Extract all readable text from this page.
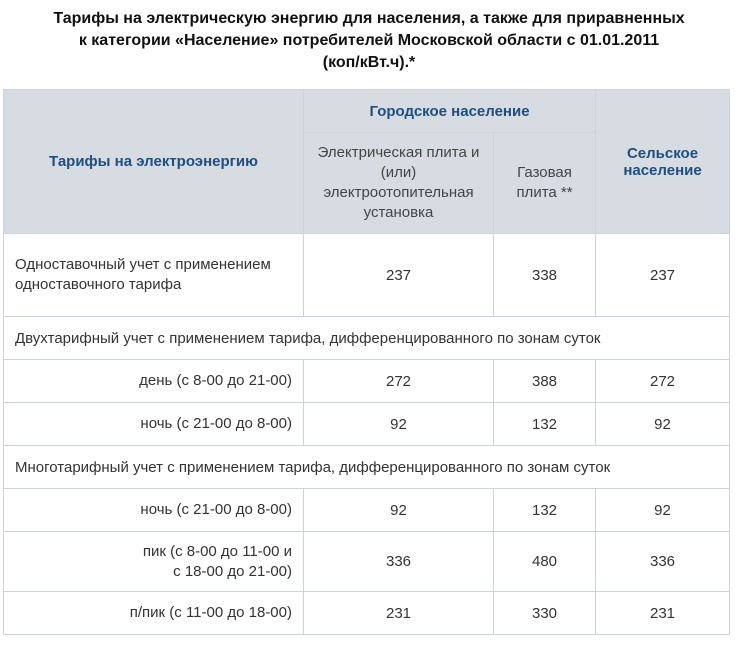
Тарифы на электрическую энергию для населения, а также для приравненных
к категории «Население» потребителей Московской области с 01.01.2011
(коп/кВт.ч).*
Тарифы на электроэнергию	Городское население		Сельское население
	Электрическая плита и (или) электроотопительная установка	Газовая плита **	
Одноставочный учет с применением одноставочного тарифа	237	338	237
Двухтарифный учет с применением тарифа, дифференцированного по зонам суток			
день (с 8-00 до 21-00)	272	388	272
ночь (с 21-00 до 8-00)	92	132	92
Многотарифный учет с применением тарифа, дифференцированного по зонам суток			
ночь (с 21-00 до 8-00)	92	132	92

пик (с 8-00 до 11-00 и
с 18-00 до 21-00)	336	480	336
п/пик (с 11-00 до 18-00)	231	330	231
